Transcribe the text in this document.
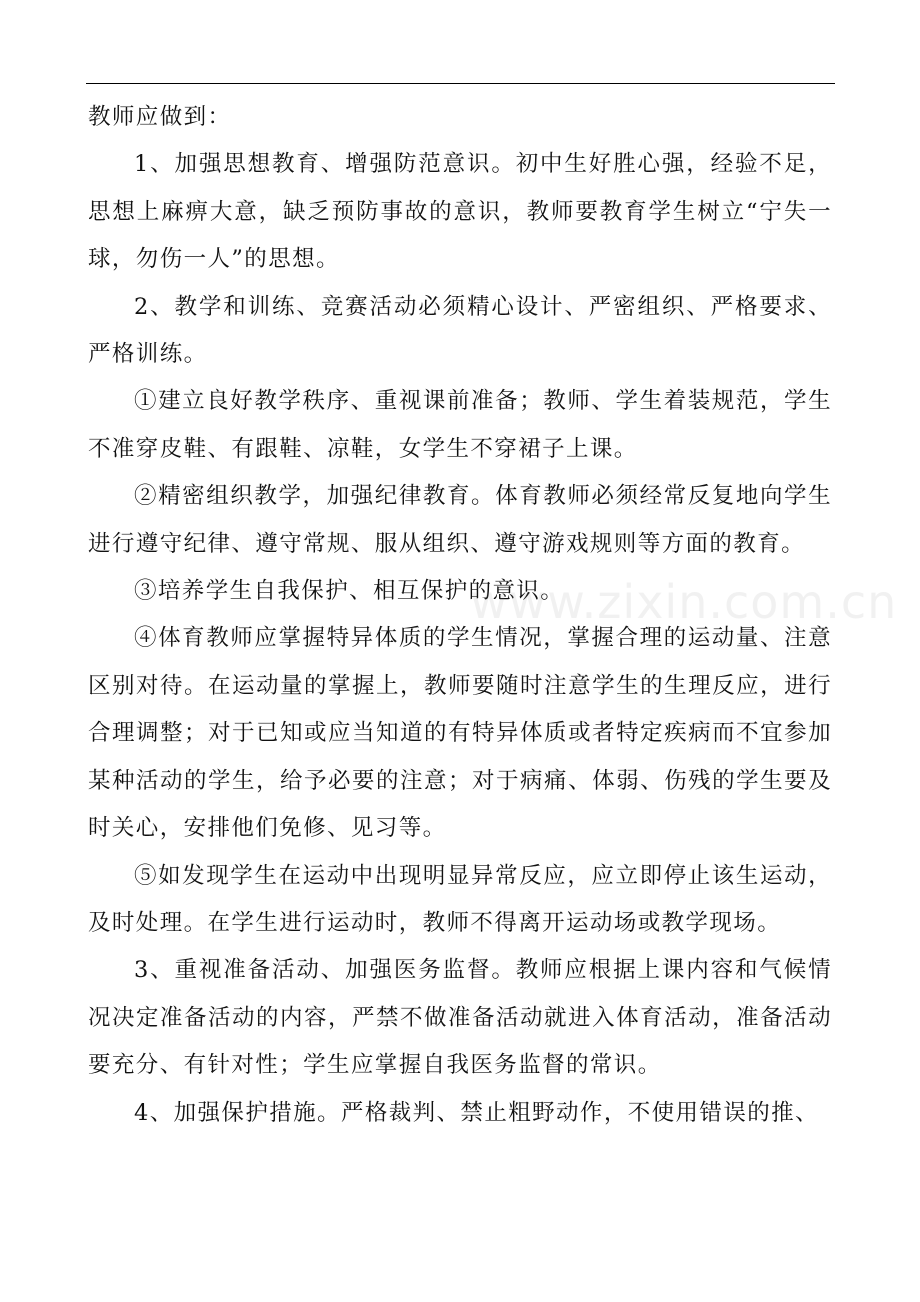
教师应做到：

1、加强思想教育、增强防范意识。初中生好胜心强，经验不足，思想上麻痹大意，缺乏预防事故的意识，教师要教育学生树立“宁失一球，勿伤一人”的思想。

2、教学和训练、竞赛活动必须精心设计、严密组织、严格要求、严格训练。

①建立良好教学秩序、重视课前准备；教师、学生着装规范，学生不准穿皮鞋、有跟鞋、凉鞋，女学生不穿裙子上课。

②精密组织教学，加强纪律教育。体育教师必须经常反复地向学生进行遵守纪律、遵守常规、服从组织、遵守游戏规则等方面的教育。

③培养学生自我保护、相互保护的意识。

④体育教师应掌握特异体质的学生情况，掌握合理的运动量、注意区别对待。在运动量的掌握上，教师要随时注意学生的生理反应，进行合理调整；对于已知或应当知道的有特异体质或者特定疾病而不宜参加某种活动的学生，给予必要的注意；对于病痛、体弱、伤残的学生要及时关心，安排他们免修、见习等。

⑤如发现学生在运动中出现明显异常反应，应立即停止该生运动，及时处理。在学生进行运动时，教师不得离开运动场或教学现场。

3、重视准备活动、加强医务监督。教师应根据上课内容和气候情况决定准备活动的内容，严禁不做准备活动就进入体育活动，准备活动要充分、有针对性；学生应掌握自我医务监督的常识。

4、加强保护措施。严格裁判、禁止粗野动作，不使用错误的推、

www.zixin.com.cn
